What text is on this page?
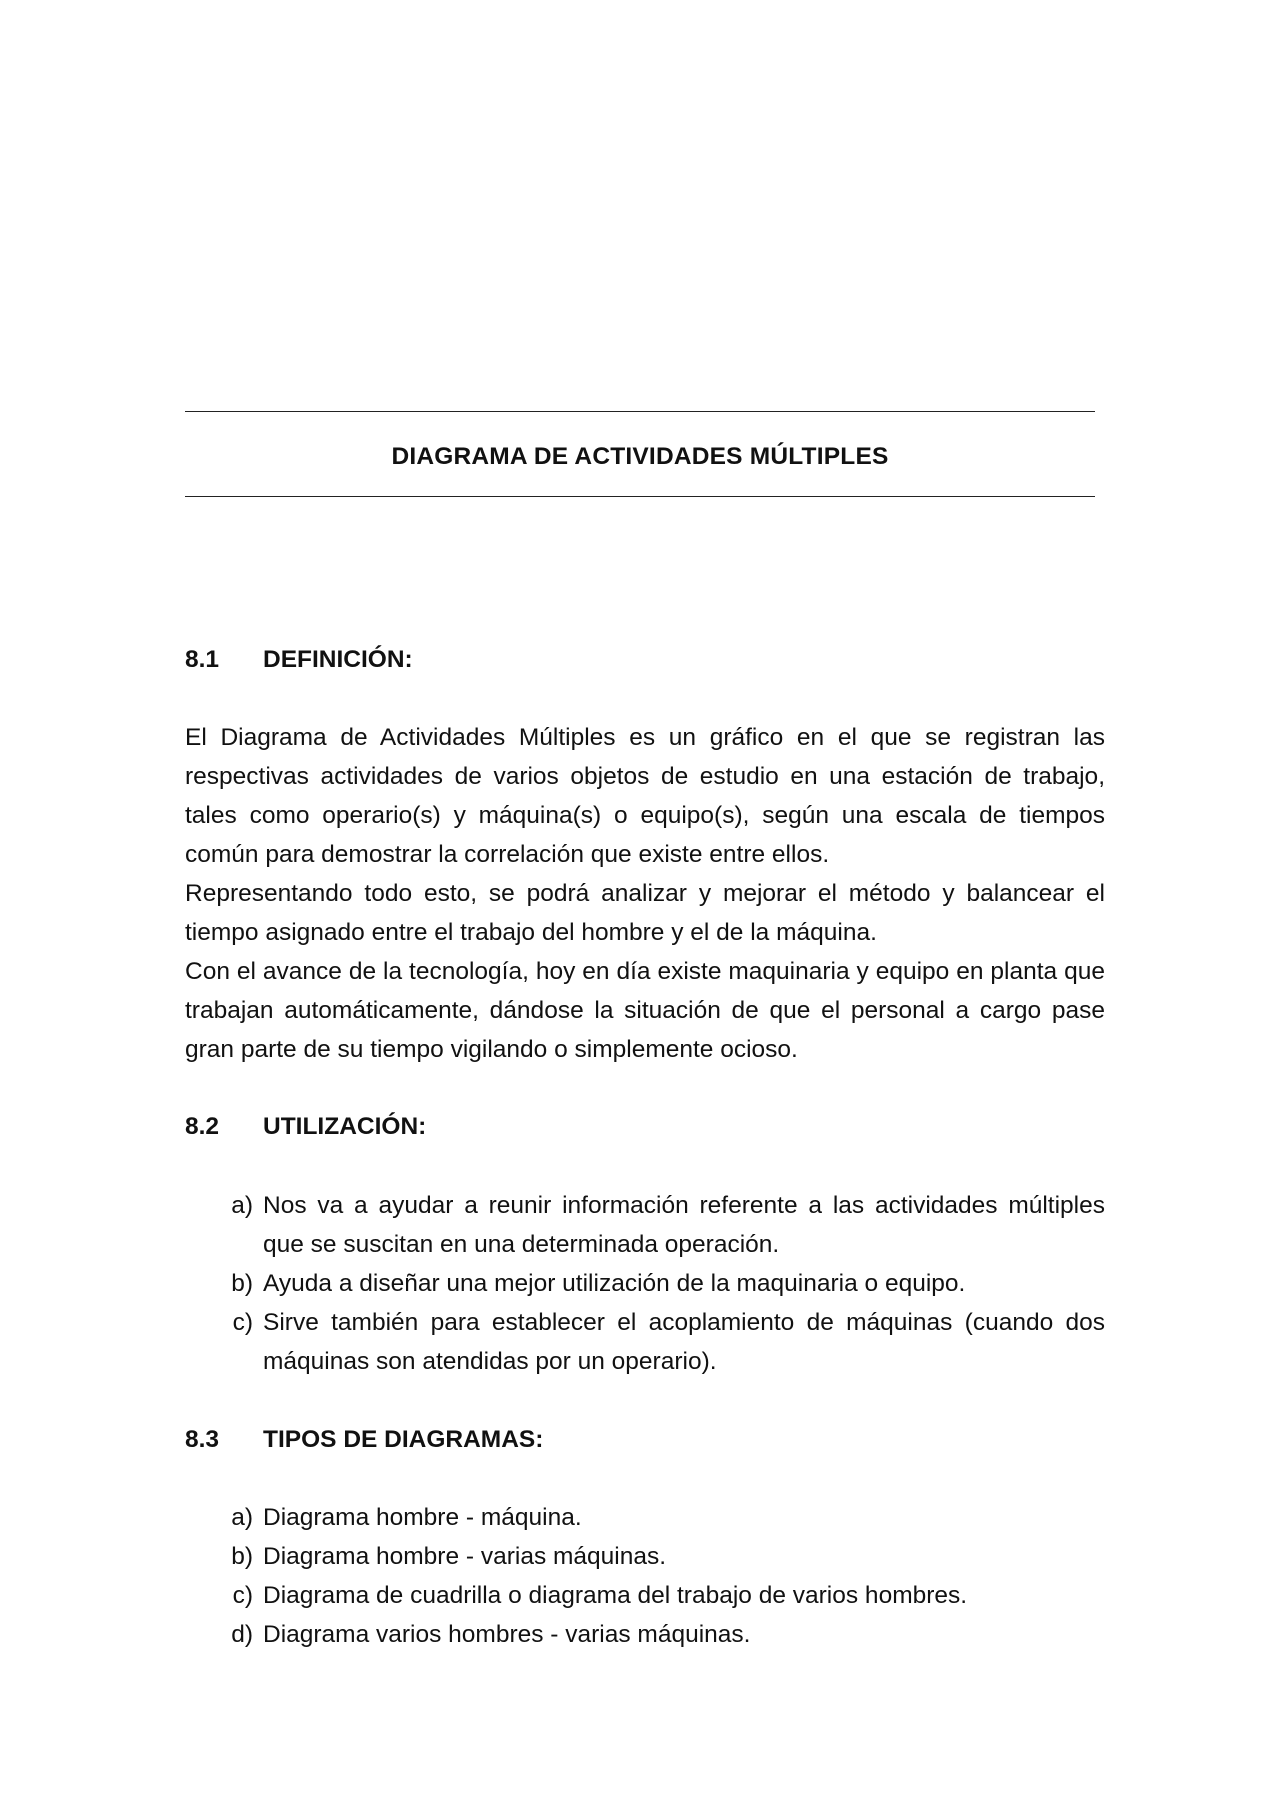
DIAGRAMA DE ACTIVIDADES MÚLTIPLES
8.1	DEFINICIÓN:

El Diagrama de Actividades Múltiples es un gráfico en el que se registran las respectivas actividades de varios objetos de estudio en una estación de trabajo, tales como operario(s) y máquina(s) o equipo(s), según una escala de tiempos común para demostrar la correlación que existe entre ellos.

Representando todo esto, se podrá analizar y mejorar el método y balancear el tiempo asignado entre el trabajo del hombre y el de la máquina.

Con el avance de la tecnología, hoy en día existe maquinaria y equipo en planta que trabajan automáticamente, dándose la situación de que el personal a cargo pase gran parte de su tiempo vigilando o simplemente ocioso.

8.2	UTILIZACIÓN:
a) Nos va a ayudar a reunir información referente a las actividades múltiples que se suscitan en una determinada operación.
b) Ayuda a diseñar una mejor utilización de la maquinaria o equipo.
c) Sirve también para establecer el acoplamiento de máquinas (cuando dos máquinas son atendidas por un operario).
8.3	TIPOS DE DIAGRAMAS:
a) Diagrama hombre - máquina.
b) Diagrama hombre - varias máquinas.
c) Diagrama de cuadrilla o diagrama del trabajo de varios hombres.
d) Diagrama varios hombres - varias máquinas.
